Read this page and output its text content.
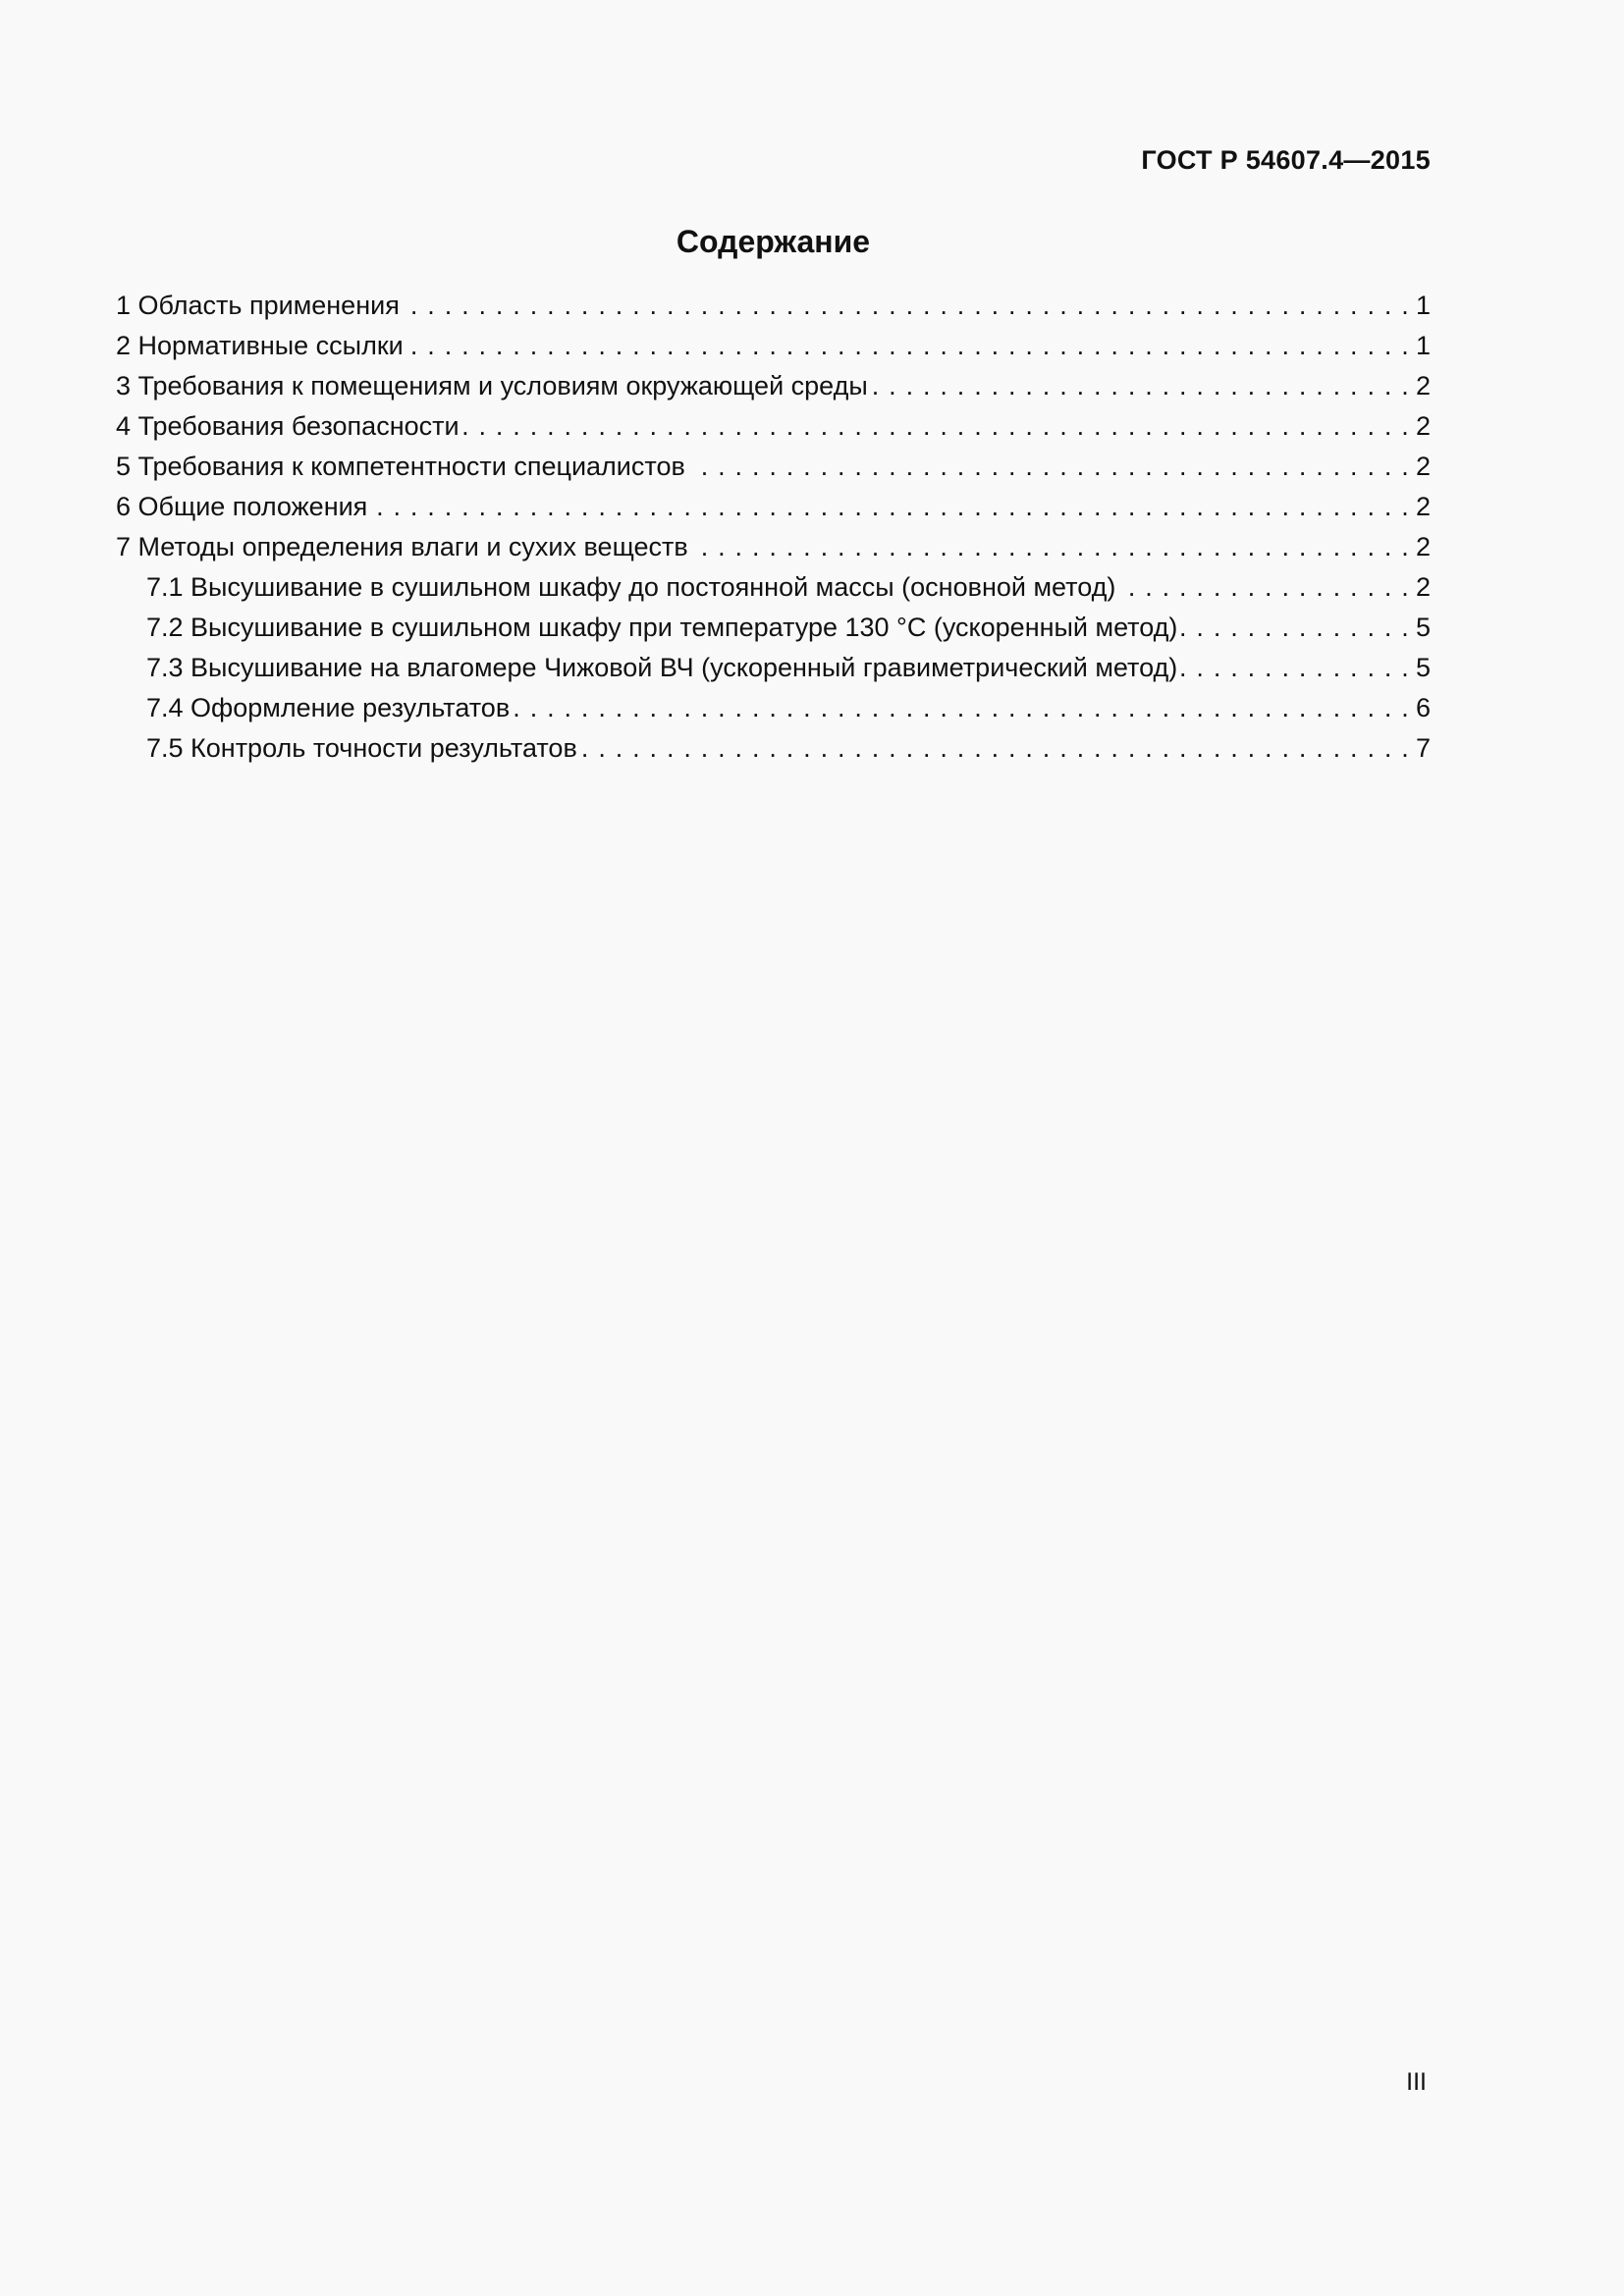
ГОСТ Р 54607.4—2015
Содержание
1 Область применения . . .	1
2 Нормативные ссылки . . .	1
3 Требования к помещениям и условиям окружающей среды . . .	2
4 Требования безопасности . . .	2
5 Требования к компетентности специалистов . . .	2
6 Общие положения . . .	2
7 Методы определения влаги и сухих веществ . . .	2
7.1 Высушивание в сушильном шкафу до постоянной массы (основной метод) . . .	2
7.2 Высушивание в сушильном шкафу при температуре 130 °С (ускоренный метод) . . .	5
7.3 Высушивание на влагомере Чижовой ВЧ (ускоренный гравиметрический метод) . . .	5
7.4 Оформление результатов . . .	6
7.5 Контроль точности результатов . . .	7
III
